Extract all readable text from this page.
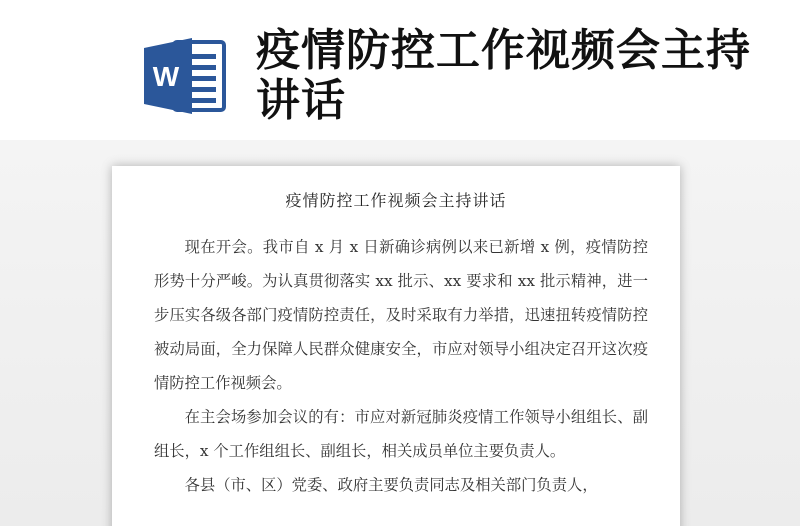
W
疫情防控工作视频会主持讲话
疫情防控工作视频会主持讲话

现在开会。我市自 x 月 x 日新确诊病例以来已新增 x 例，疫情防控形势十分严峻。为认真贯彻落实 xx 批示、xx 要求和 xx 批示精神，进一步压实各级各部门疫情防控责任，及时采取有力举措，迅速扭转疫情防控被动局面，全力保障人民群众健康安全，市应对领导小组决定召开这次疫情防控工作视频会。

在主会场参加会议的有：市应对新冠肺炎疫情工作领导小组组长、副组长，x 个工作组组长、副组长，相关成员单位主要负责人。

各县（市、区）党委、政府主要负责同志及相关部门负责人，
